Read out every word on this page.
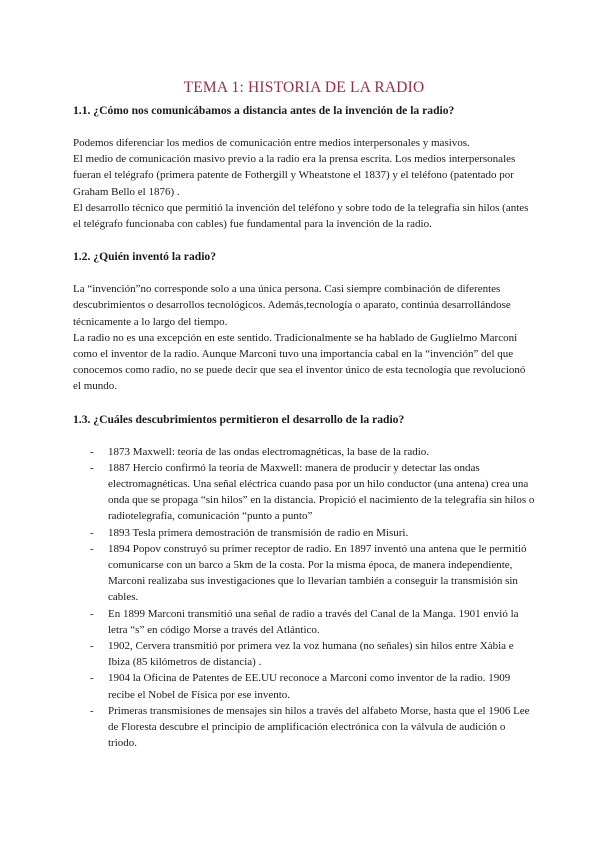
TEMA 1: HISTORIA DE LA RADIO

1.1. ¿Cómo nos comunicábamos a distancia antes de la invención de la radio?

Podemos diferenciar los medios de comunicación entre medios interpersonales y masivos.

El medio de comunicación masivo previo a la radio era la prensa escrita. Los medios interpersonales fueran el telégrafo (primera patente de Fothergill y Wheatstone el 1837) y el teléfono (patentado por Graham Bello el 1876) .

El desarrollo técnico que permitió la invención del teléfono y sobre todo de la telegrafía sin hilos (antes el telégrafo funcionaba con cables) fue fundamental para la invención de la radio.

1.2. ¿Quién inventó la radio?

La “invención”no corresponde solo a una única persona. Casi siempre combinación de diferentes descubrimientos o desarrollos tecnológicos. Además,tecnología o aparato, continúa desarrollándose técnicamente a lo largo del tiempo.

La radio no es una excepción en este sentido. Tradicionalmente se ha hablado de Guglielmo Marconi como el inventor de la radio. Aunque Marconi tuvo una importancia cabal en la “invención” del que conocemos como radio, no se puede decir que sea el inventor único de esta tecnología que revolucionó el mundo.

1.3. ¿Cuáles descubrimientos permitieron el desarrollo de la radio?

- 1873 Maxwell: teoría de las ondas electromagnéticas, la base de la radio.
- 1887 Hercio confirmó la teoría de Maxwell: manera de producir y detectar las ondas electromagnéticas. Una señal eléctrica cuando pasa por un hilo conductor (una antena) crea una onda que se propaga “sin hilos” en la distancia. Propició el nacimiento de la telegrafía sin hilos o radiotelegrafía, comunicación “punto a punto”
- 1893 Tesla primera demostración de transmisión de radio en Misuri.
- 1894 Popov construyó su primer receptor de radio. En 1897 inventó una antena que le permitió comunicarse con un barco a 5km de la costa. Por la misma época, de manera independiente, Marconi realizaba sus investigaciones que lo llevarían también a conseguir la transmisión sin cables.
- En 1899 Marconi transmitió una señal de radio a través del Canal de la Manga. 1901 envió la letra “s” en código Morse a través del Atlántico.
- 1902, Cervera transmitió por primera vez la voz humana (no señales) sin hilos entre Xàbia e Ibiza (85 kilómetros de distancia) .
- 1904 la Oficina de Patentes de EE.UU reconoce a Marconi como inventor de la radio. 1909 recibe el Nobel de Física por ese invento.
- Primeras transmisiones de mensajes sin hilos a través del alfabeto Morse, hasta que el 1906 Lee de Floresta descubre el principio de amplificación electrónica con la válvula de audición o triodo.
